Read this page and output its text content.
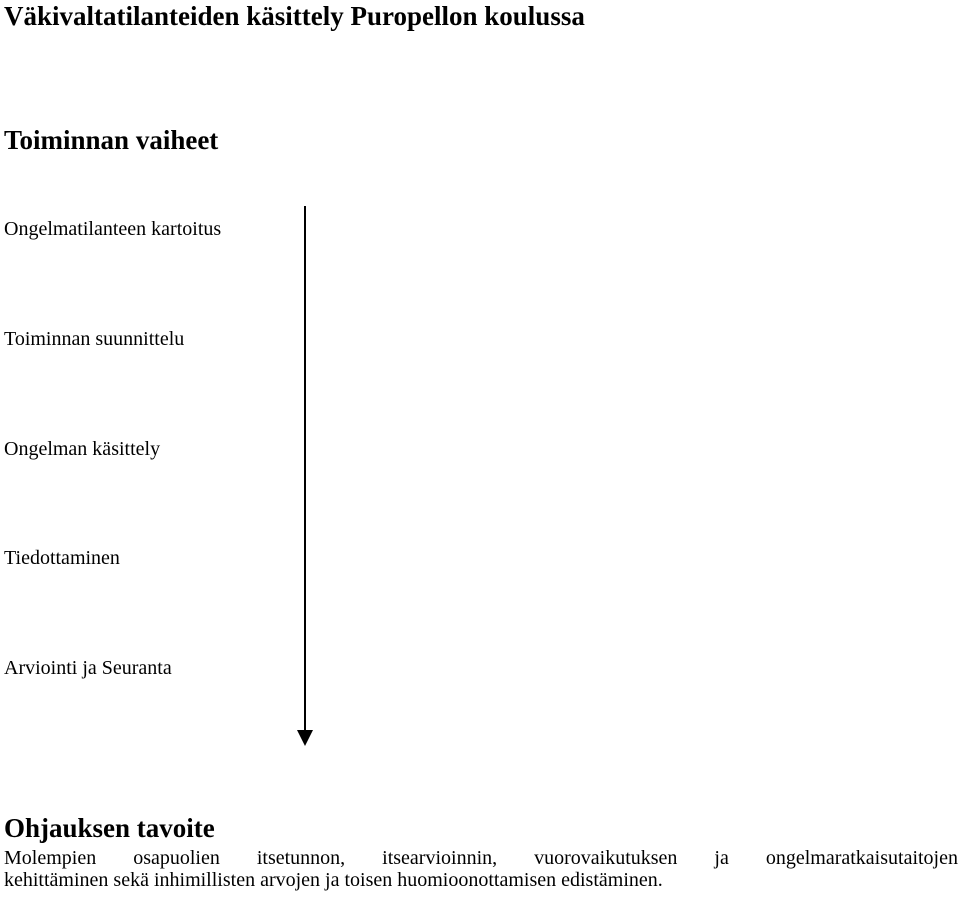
Väkivaltatilanteiden käsittely Puropellon koulussa
Toiminnan vaiheet
Ongelmatilanteen kartoitus
Toiminnan suunnittelu
Ongelman käsittely
Tiedottaminen
Arviointi ja Seuranta
Ohjauksen tavoite
Molempien osapuolien itsetunnon, itsearvioinnin, vuorovaikutuksen ja ongelmaratkaisutaitojen
kehittäminen sekä inhimillisten arvojen ja toisen huomioonottamisen edistäminen.
